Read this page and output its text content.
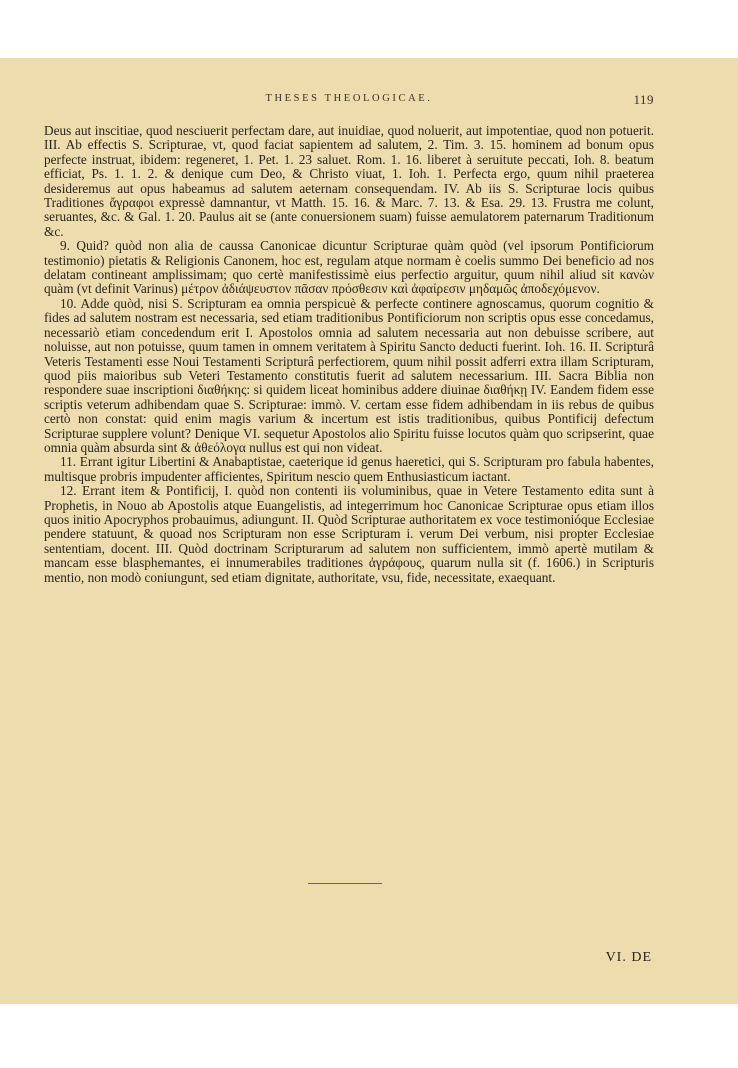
THESES THEOLOGICAE.	119

Deus aut inscitiae, quod nesciuerit perfectam dare, aut inuidiae, quod noluerit, aut impotentiae, quod non potuerit. III. Ab effectis S. Scripturae, vt, quod faciat sapientem ad salutem, 2. Tim. 3. 15. hominem ad bonum opus perfecte instruat, ibidem: regeneret, 1. Pet. 1. 23 saluet. Rom. 1. 16. liberet à seruitute peccati, Ioh. 8. beatum efficiat, Ps. 1. 1. 2. & denique cum Deo, & Christo viuat, 1. Ioh. 1. Perfecta ergo, quum nihil praeterea desideremus aut opus habeamus ad salutem aeternam consequendam. IV. Ab iis S. Scripturae locis quibus Traditiones ἄγραφοι expressè damnantur, vt Matth. 15. 16. & Marc. 7. 13. & Esa. 29. 13. Frustra me colunt, seruantes, &c. & Gal. 1. 20. Paulus ait se (ante conuersionem suam) fuisse aemulatorem paternarum Traditionum &c.

9. Quid? quòd non alia de caussa Canonicae dicuntur Scripturae quàm quòd (vel ipsorum Pontificiorum testimonio) pietatis & Religionis Canonem, hoc est, regulam atque normam è coelis summo Dei beneficio ad nos delatam contineant amplissimam; quo certè manifestissimè eius perfectio arguitur, quum nihil aliud sit κανὼν quàm (vt definit Varinus) μέτρον ἀδιάψευστον πᾶσαν πρόσθεσιν καὶ ἀφαίρεσιν μηδαμῶς ἀποδεχόμενον.

10. Adde quòd, nisi S. Scripturam ea omnia perspicuè & perfecte continere agnoscamus, quorum cognitio & fides ad salutem nostram est necessaria, sed etiam traditionibus Pontificiorum non scriptis opus esse concedamus, necessariò etiam concedendum erit I. Apostolos omnia ad salutem necessaria aut non debuisse scribere, aut noluisse, aut non potuisse, quum tamen in omnem veritatem à Spiritu Sancto deducti fuerint. Ioh. 16. II. Scripturâ Veteris Testamenti esse Noui Testamenti Scripturâ perfectiorem, quum nihil possit adferri extra illam Scripturam, quod piis maioribus sub Veteri Testamento constitutis fuerit ad salutem necessarium. III. Sacra Biblia non respondere suae inscriptioni διαθήκης: si quidem liceat hominibus addere diuinae διαθήκῃ IV. Eandem fidem esse scriptis veterum adhibendam quae S. Scripturae: immò. V. certam esse fidem adhibendam in iis rebus de quibus certò non constat: quid enim magis varium & incertum est istis traditionibus, quibus Pontificij defectum Scripturae supplere volunt? Denique VI. sequetur Apostolos alio Spiritu fuisse locutos quàm quo scripserint, quae omnia quàm absurda sint & ἀθεόλογα nullus est qui non videat.

11. Errant igitur Libertini & Anabaptistae, caeterique id genus haeretici, qui S. Scripturam pro fabula habentes, multisque probris impudenter afficientes, Spiritum nescio quem Enthusiasticum iactant.

12. Errant item & Pontificij, I. quòd non contenti iis voluminibus, quae in Vetere Testamento edita sunt à Prophetis, in Nouo ab Apostolis atque Euangelistis, ad integerrimum hoc Canonicae Scripturae opus etiam illos quos initio Apocryphos probauimus, adiungunt. II. Quòd Scripturae authoritatem ex voce testimonióque Ecclesiae pendere statuunt, & quoad nos Scripturam non esse Scripturam i. verum Dei verbum, nisi propter Ecclesiae sententiam, docent. III. Quòd doctrinam Scripturarum ad salutem non sufficientem, immò apertè mutilam & mancam esse blasphemantes, ei innumerabiles traditiones ἀγράφους, quarum nulla sit (f. 1606.) in Scripturis mentio, non modò coniungunt, sed etiam dignitate, authoritate, vsu, fide, necessitate, exaequant.

VI. DE
